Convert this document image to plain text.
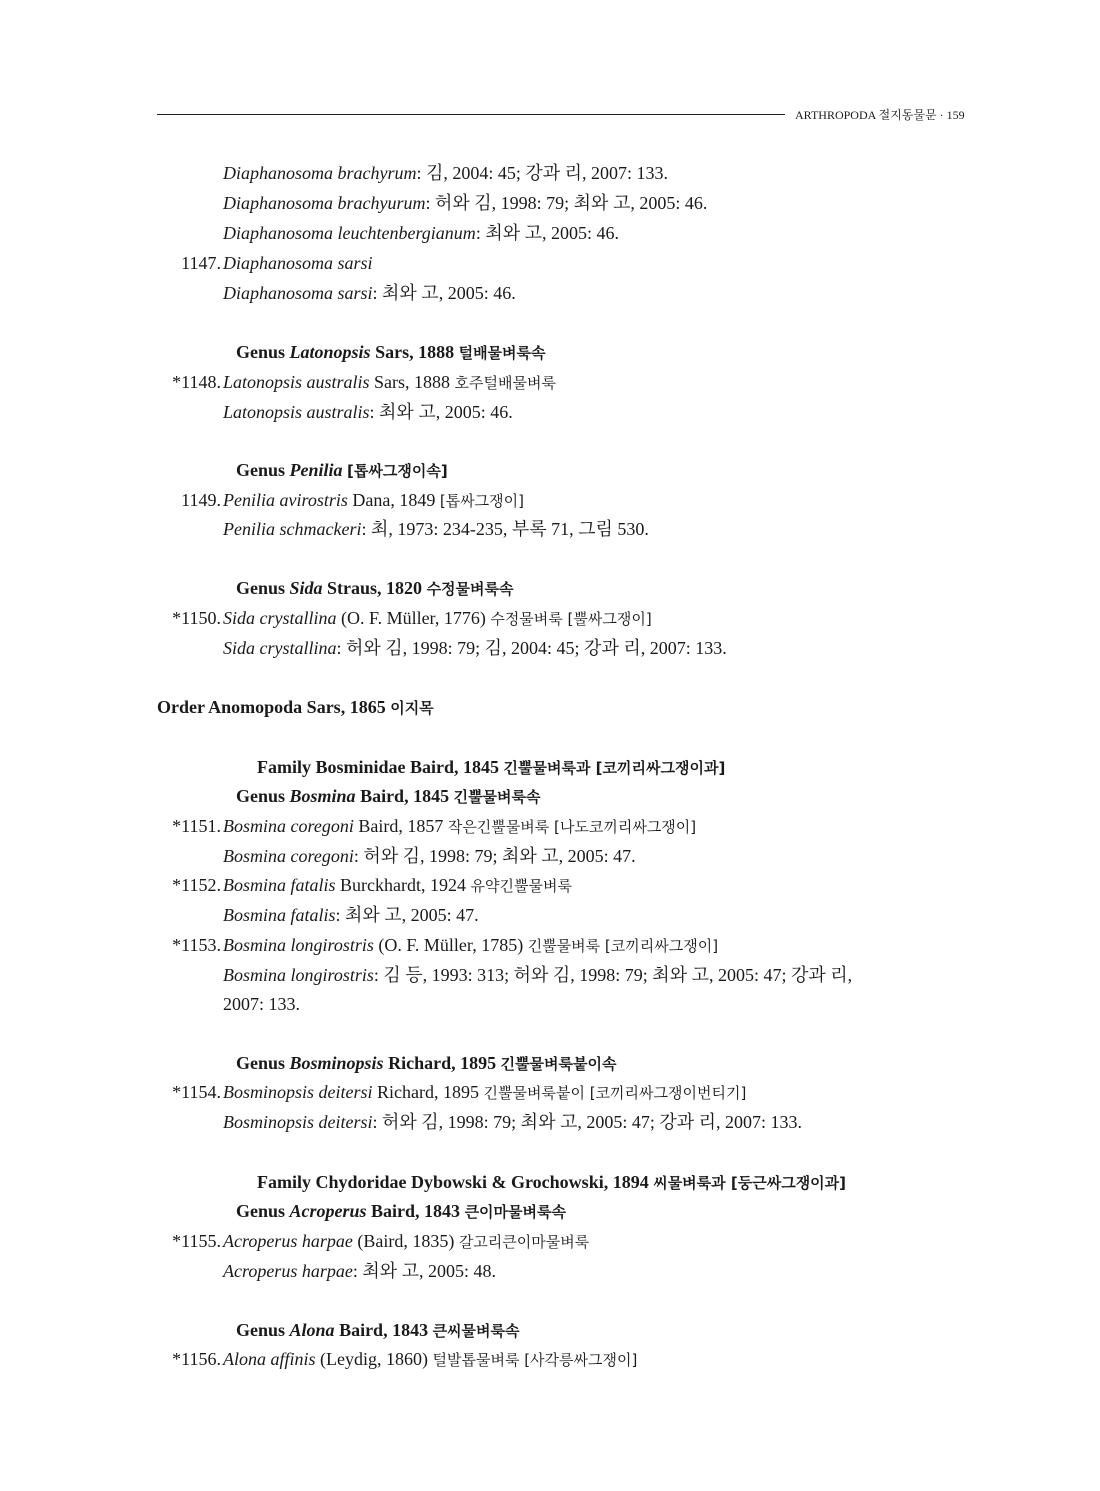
ARTHROPODA 절지동물문 · 159
Diaphanosoma brachyrum: 김, 2004: 45; 강과 리, 2007: 133.
Diaphanosoma brachyurum: 허와 김, 1998: 79; 최와 고, 2005: 46.
Diaphanosoma leuchtenbergianum: 최와 고, 2005: 46.
1147. Diaphanosoma sarsi
Diaphanosoma sarsi: 최와 고, 2005: 46.
Genus Latonopsis Sars, 1888 털배물벼룩속
*1148. Latonopsis australis Sars, 1888 호주털배물벼룩
Latonopsis australis: 최와 고, 2005: 46.
Genus Penilia [톱싸그쟁이속]
1149. Penilia avirostris Dana, 1849 [톱싸그쟁이]
Penilia schmackeri: 최, 1973: 234-235, 부록 71, 그림 530.
Genus Sida Straus, 1820 수정물벼룩속
*1150. Sida crystallina (O. F. Müller, 1776) 수정물벼룩 [뿔싸그쟁이]
Sida crystallina: 허와 김, 1998: 79; 김, 2004: 45; 강과 리, 2007: 133.
Order Anomopoda Sars, 1865 이지목
Family Bosminidae Baird, 1845 긴뿔물벼룩과 [코끼리싸그쟁이과]
Genus Bosmina Baird, 1845 긴뿔물벼룩속
*1151. Bosmina coregoni Baird, 1857 작은긴뿔물벼룩 [나도코끼리싸그쟁이]
Bosmina coregoni: 허와 김, 1998: 79; 최와 고, 2005: 47.
*1152. Bosmina fatalis Burckhardt, 1924 유약긴뿔물벼룩
Bosmina fatalis: 최와 고, 2005: 47.
*1153. Bosmina longirostris (O. F. Müller, 1785) 긴뿔물벼룩 [코끼리싸그쟁이]
Bosmina longirostris: 김 등, 1993: 313; 허와 김, 1998: 79; 최와 고, 2005: 47; 강과 리,
2007: 133.
Genus Bosminopsis Richard, 1895 긴뿔물벼룩붙이속
*1154. Bosminopsis deitersi Richard, 1895 긴뿔물벼룩붙이 [코끼리싸그쟁이번티기]
Bosminopsis deitersi: 허와 김, 1998: 79; 최와 고, 2005: 47; 강과 리, 2007: 133.
Family Chydoridae Dybowski & Grochowski, 1894 씨물벼룩과 [둥근싸그쟁이과]
Genus Acroperus Baird, 1843 큰이마물벼룩속
*1155. Acroperus harpae (Baird, 1835) 갈고리큰이마물벼룩
Acroperus harpae: 최와 고, 2005: 48.
Genus Alona Baird, 1843 큰씨물벼룩속
*1156. Alona affinis (Leydig, 1860) 털발톱물벼룩 [사각릉싸그쟁이]
